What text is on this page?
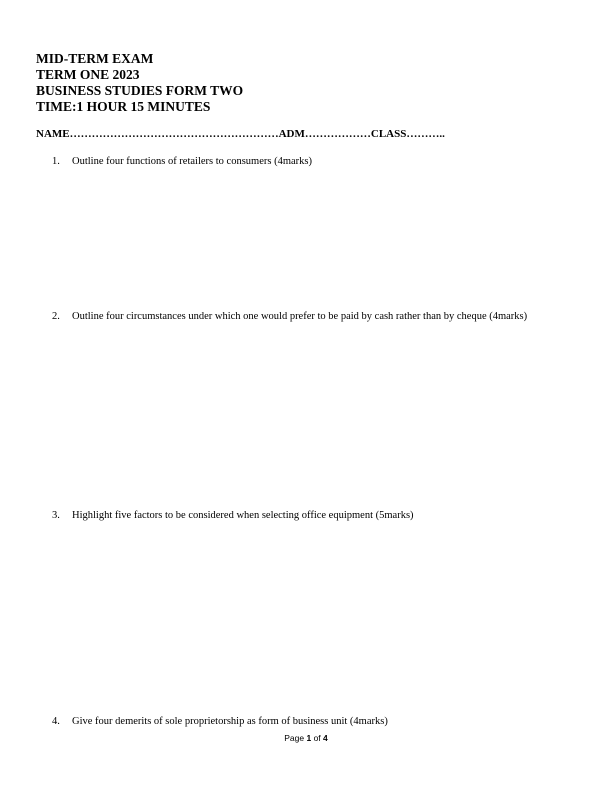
MID-TERM EXAM
TERM ONE 2023
BUSINESS STUDIES FORM TWO
TIME:1 HOUR 15 MINUTES
NAME…………………………………………………ADM………………CLASS………..
1. Outline four functions of retailers to consumers (4marks)
2. Outline four circumstances under which one would prefer to be paid by cash rather than by cheque (4marks)
3. Highlight five factors to be considered when selecting office equipment (5marks)
4. Give four demerits of sole proprietorship as form of business unit (4marks)
Page 1 of 4
